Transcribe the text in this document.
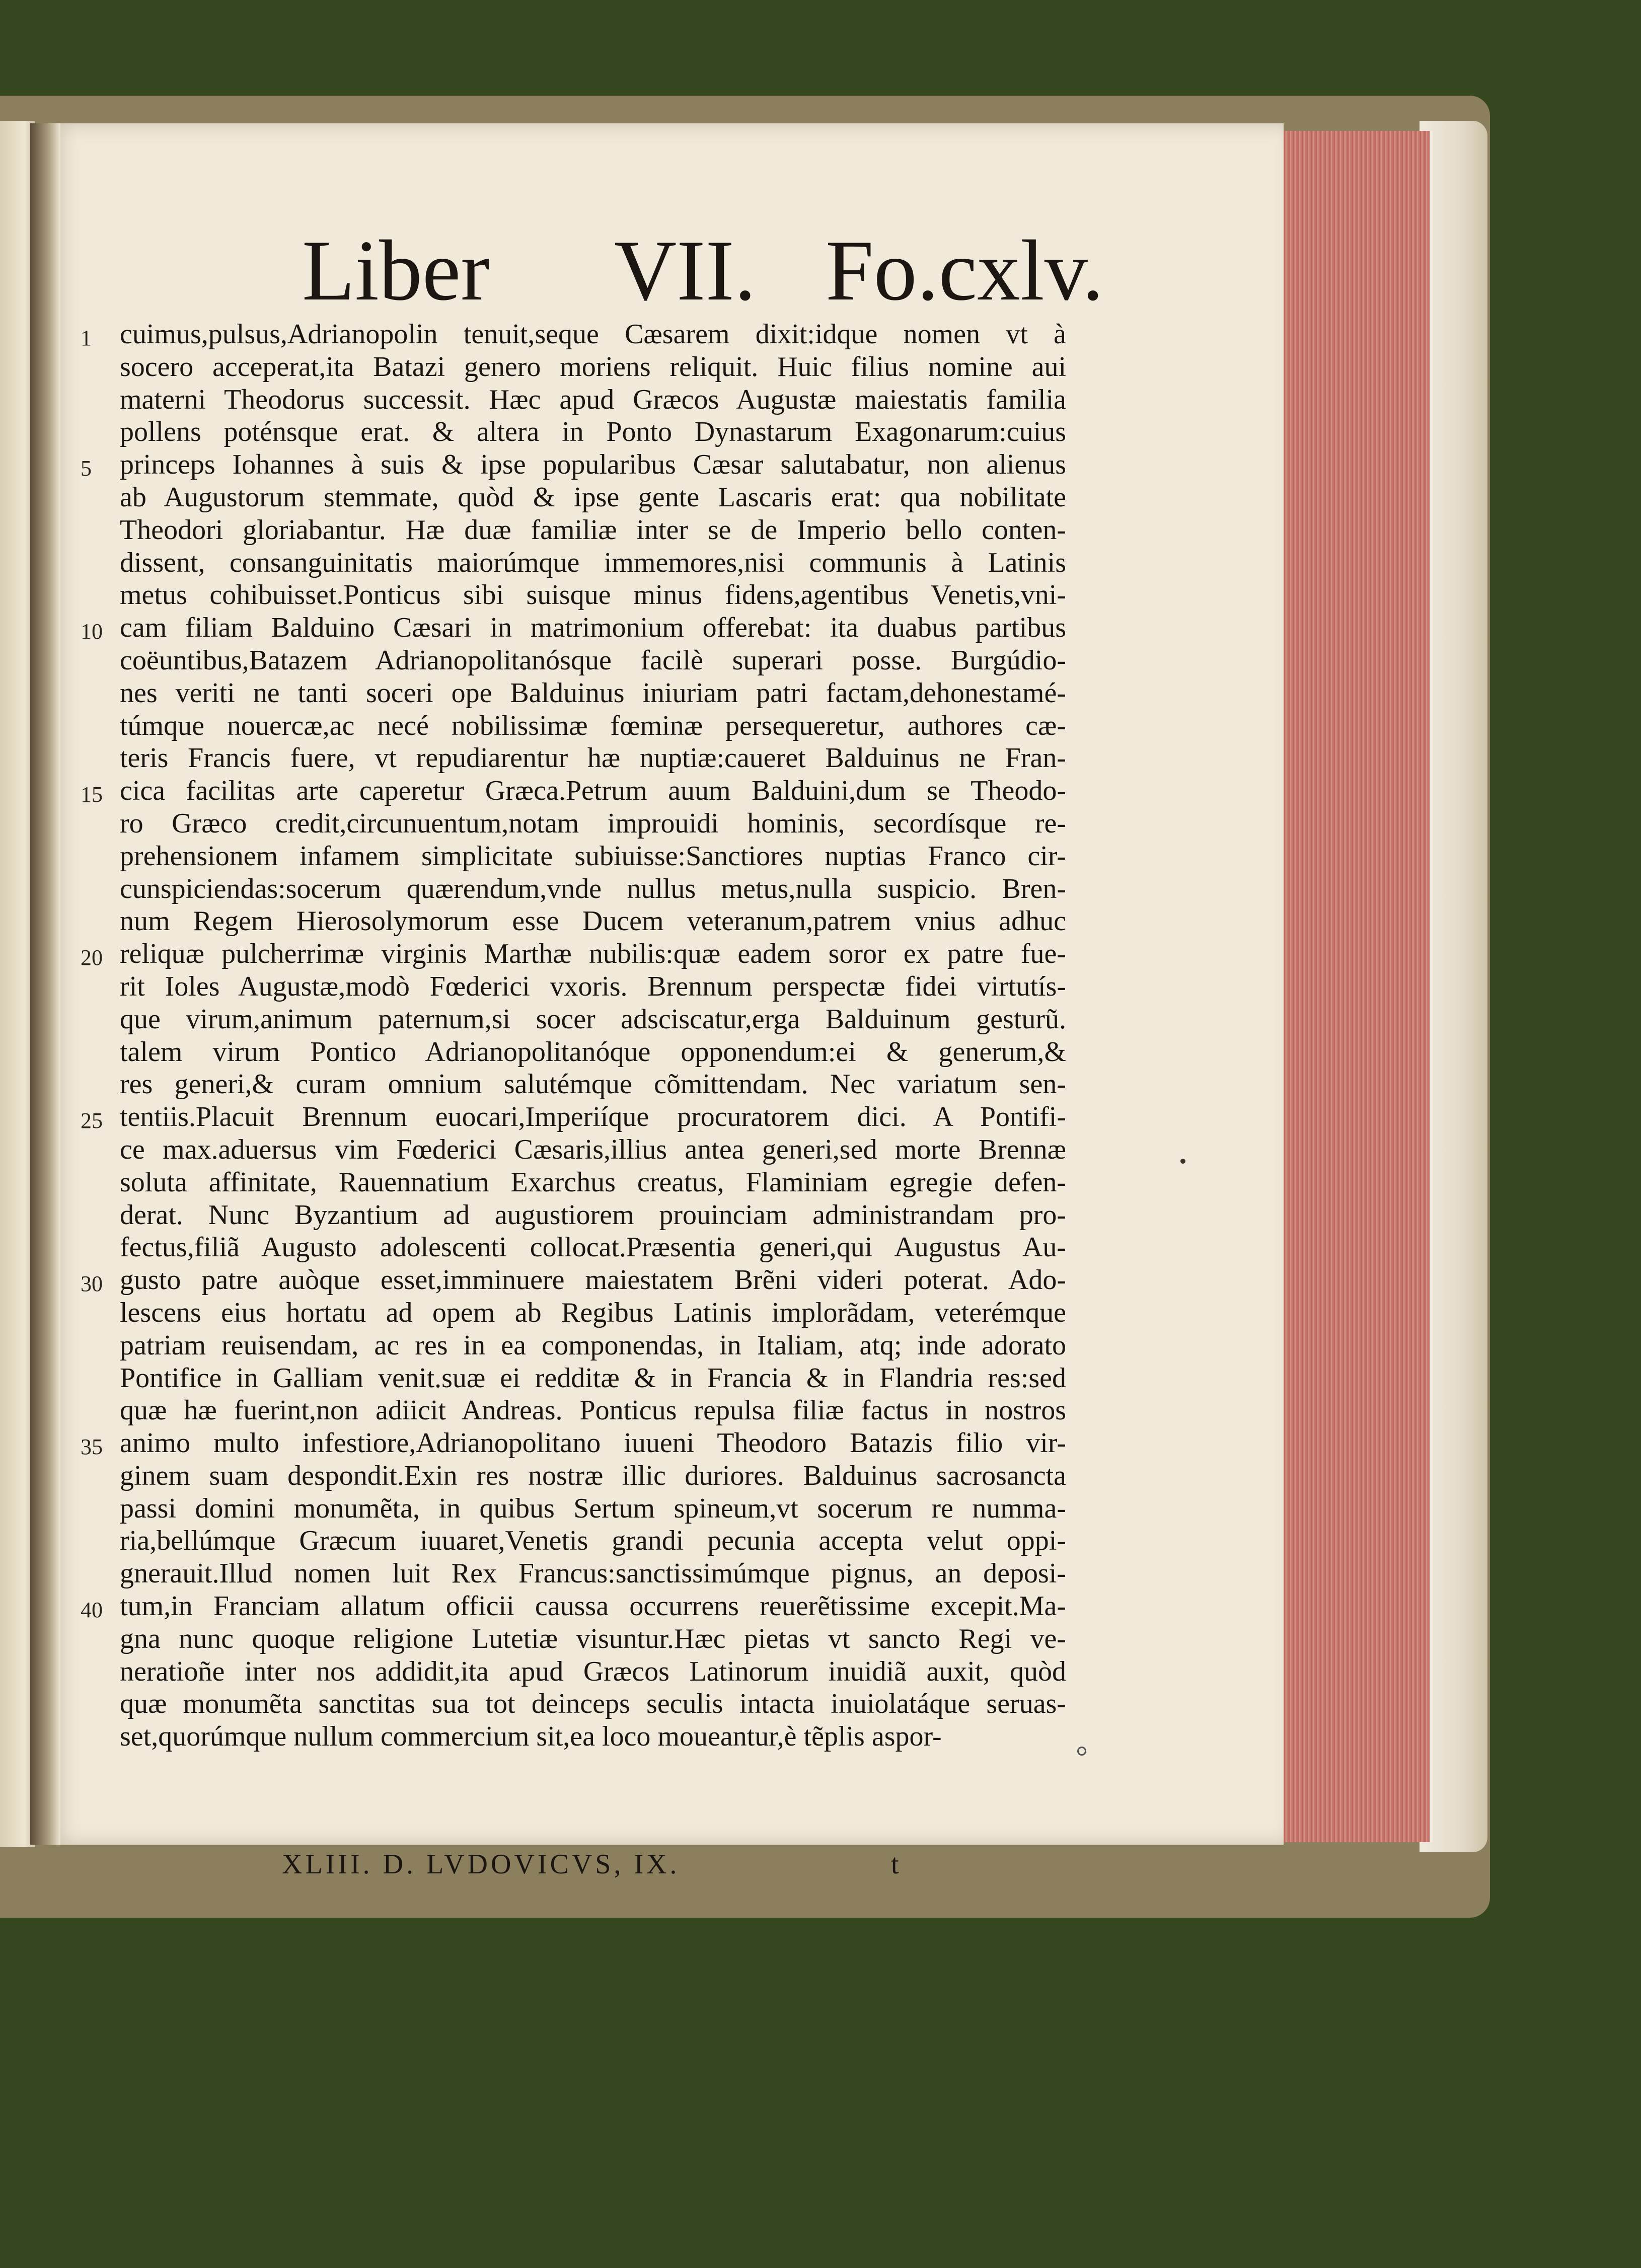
Liber VII. Fo.cxlv.
1
5
10
15
20
25
30
35
40
cuimus,pulsus,Adrianopolin tenuit,seque Cæsarem dixit:idque nomen vt à
socero acceperat,ita Batazi genero moriens reliquit. Huic filius nomine aui
materni Theodorus successit. Hæc apud Græcos Augustæ maiestatis familia
pollens poténsque erat. & altera in Ponto Dynastarum Exagonarum:cuius
princeps Iohannes à suis & ipse popularibus Cæsar salutabatur, non alienus
ab Augustorum stemmate, quòd & ipse gente Lascaris erat: qua nobilitate
Theodori gloriabantur. Hæ duæ familiæ inter se de Imperio bello conten-
dissent, consanguinitatis maiorúmque immemores,nisi communis à Latinis
metus cohibuisset.Ponticus sibi suisque minus fidens,agentibus Venetis,vni-
cam filiam Balduino Cæsari in matrimonium offerebat: ita duabus partibus
coëuntibus,Batazem Adrianopolitanósque facilè superari posse. Burgúdio-
nes veriti ne tanti soceri ope Balduinus iniuriam patri factam,dehonestamé-
túmque nouercæ,ac necé nobilissimæ fœminæ persequeretur, authores cæ-
teris Francis fuere, vt repudiarentur hæ nuptiæ:caueret Balduinus ne Fran-
cica facilitas arte caperetur Græca.Petrum auum Balduini,dum se Theodo-
ro Græco credit,circunuentum,notam improuidi hominis, secordísque re-
prehensionem infamem simplicitate subiuisse:Sanctiores nuptias Franco cir-
cunspiciendas:socerum quærendum,vnde nullus metus,nulla suspicio. Bren-
num Regem Hierosolymorum esse Ducem veteranum,patrem vnius adhuc
reliquæ pulcherrimæ virginis Marthæ nubilis:quæ eadem soror ex patre fue-
rit Ioles Augustæ,modò Fœderici vxoris. Brennum perspectæ fidei virtutís-
que virum,animum paternum,si socer adsciscatur,erga Balduinum gesturũ.
talem virum Pontico Adrianopolitanóque opponendum:ei & generum,&
res generi,& curam omnium salutémque cõmittendam. Nec variatum sen-
tentiis.Placuit Brennum euocari,Imperiíque procuratorem dici. A Pontifi-
ce max.aduersus vim Fœderici Cæsaris,illius antea generi,sed morte Brennæ
soluta affinitate, Rauennatium Exarchus creatus, Flaminiam egregie defen-
derat. Nunc Byzantium ad augustiorem prouinciam administrandam pro-
fectus,filiã Augusto adolescenti collocat.Præsentia generi,qui Augustus Au-
gusto patre auòque esset,imminuere maiestatem Brẽni videri poterat. Ado-
lescens eius hortatu ad opem ab Regibus Latinis implorãdam, veterémque
patriam reuisendam, ac res in ea componendas, in Italiam, atq; inde adorato
Pontifice in Galliam venit.suæ ei redditæ & in Francia & in Flandria res:sed
quæ hæ fuerint,non adiicit Andreas. Ponticus repulsa filiæ factus in nostros
animo multo infestiore,Adrianopolitano iuueni Theodoro Batazis filio vir-
ginem suam despondit.Exin res nostræ illic duriores. Balduinus sacrosancta
passi domini monumẽta, in quibus Sertum spineum,vt socerum re numma-
ria,bellúmque Græcum iuuaret,Venetis grandi pecunia accepta velut oppi-
gnerauit.Illud nomen luit Rex Francus:sanctissimúmque pignus, an deposi-
tum,in Franciam allatum officii caussa occurrens reuerẽtissime excepit.Ma-
gna nunc quoque religione Lutetiæ visuntur.Hæc pietas vt sancto Regi ve-
neratioñe inter nos addidit,ita apud Græcos Latinorum inuidiã auxit, quòd
quæ monumẽta sanctitas sua tot deinceps seculis intacta inuiolatáque seruas-
set,quorúmque nullum commercium sit,ea loco moueantur,è tẽplis aspor-
XLIII. D. LVDOVICVS, IX.	t
